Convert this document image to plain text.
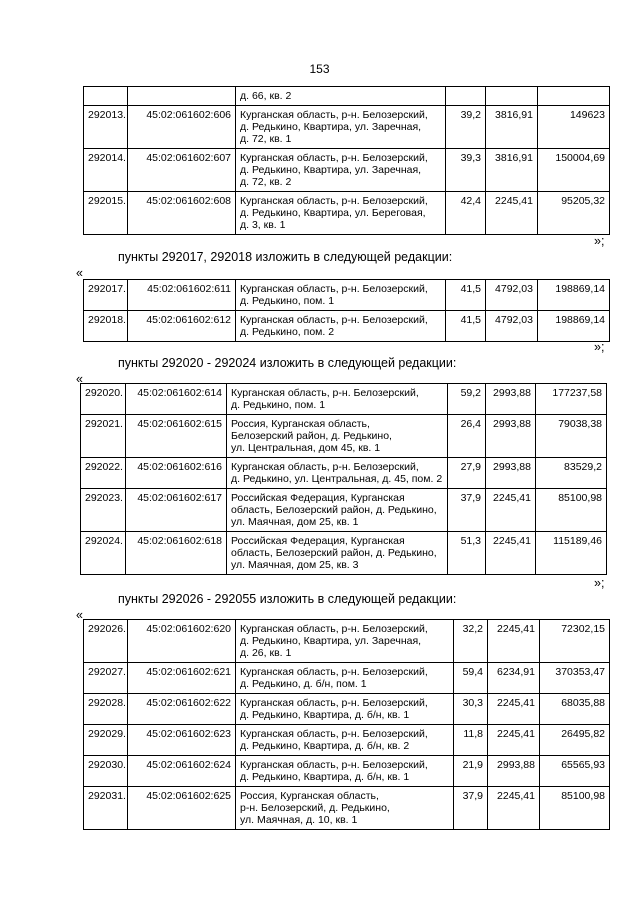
153

		д. 66, кв. 2			

292013.	45:02:061602:606	Курганская область, р-н. Белозерский,
д. Редькино, Квартира, ул. Заречная,
д. 72, кв. 1	39,2	3816,91	149623
292014.	45:02:061602:607	Курганская область, р-н. Белозерский,
д. Редькино, Квартира, ул. Заречная,
д. 72, кв. 2	39,3	3816,91	150004,69
292015.	45:02:061602:608	Курганская область, р-н. Белозерский,
д. Редькино, Квартира, ул. Береговая,
д. 3, кв. 1	42,4	2245,41	95205,32
»;
пункты 292017, 292018 изложить в следующей редакции:
«
292017.	45:02:061602:611	Курганская область, р-н. Белозерский,
д. Редькино, пом. 1	41,5	4792,03	198869,14
292018.	45:02:061602:612	Курганская область, р-н. Белозерский,
д. Редькино, пом. 2	41,5	4792,03	198869,14
»;
пункты 292020 - 292024 изложить в следующей редакции:
«
292020.	45:02:061602:614	Курганская область, р-н. Белозерский,
д. Редькино, пом. 1	59,2	2993,88	177237,58
292021.	45:02:061602:615	Россия, Курганская область,
Белозерский район, д. Редькино,
ул. Центральная, дом 45, кв. 1	26,4	2993,88	79038,38
292022.	45:02:061602:616	Курганская область, р-н. Белозерский,
д. Редькино, ул. Центральная, д. 45, пом. 2	27,9	2993,88	83529,2
292023.	45:02:061602:617	Российская Федерация, Курганская
область, Белозерский район, д. Редькино,
ул. Маячная, дом 25, кв. 1	37,9	2245,41	85100,98
292024.	45:02:061602:618	Российская Федерация, Курганская
область, Белозерский район, д. Редькино,
ул. Маячная, дом 25, кв. 3	51,3	2245,41	115189,46
»;
пункты 292026 - 292055 изложить в следующей редакции:
«
292026.	45:02:061602:620	Курганская область, р-н. Белозерский,
д. Редькино, Квартира, ул. Заречная,
д. 26, кв. 1	32,2	2245,41	72302,15
292027.	45:02:061602:621	Курганская область, р-н. Белозерский,
д. Редькино, д. б/н, пом. 1	59,4	6234,91	370353,47
292028.	45:02:061602:622	Курганская область, р-н. Белозерский,
д. Редькино, Квартира, д. б/н, кв. 1	30,3	2245,41	68035,88
292029.	45:02:061602:623	Курганская область, р-н. Белозерский,
д. Редькино, Квартира, д. б/н, кв. 2	11,8	2245,41	26495,82
292030.	45:02:061602:624	Курганская область, р-н. Белозерский,
д. Редькино, Квартира, д. б/н, кв. 1	21,9	2993,88	65565,93
292031.	45:02:061602:625	Россия, Курганская область,
р-н. Белозерский, д. Редькино,
ул. Маячная, д. 10, кв. 1	37,9	2245,41	85100,98
